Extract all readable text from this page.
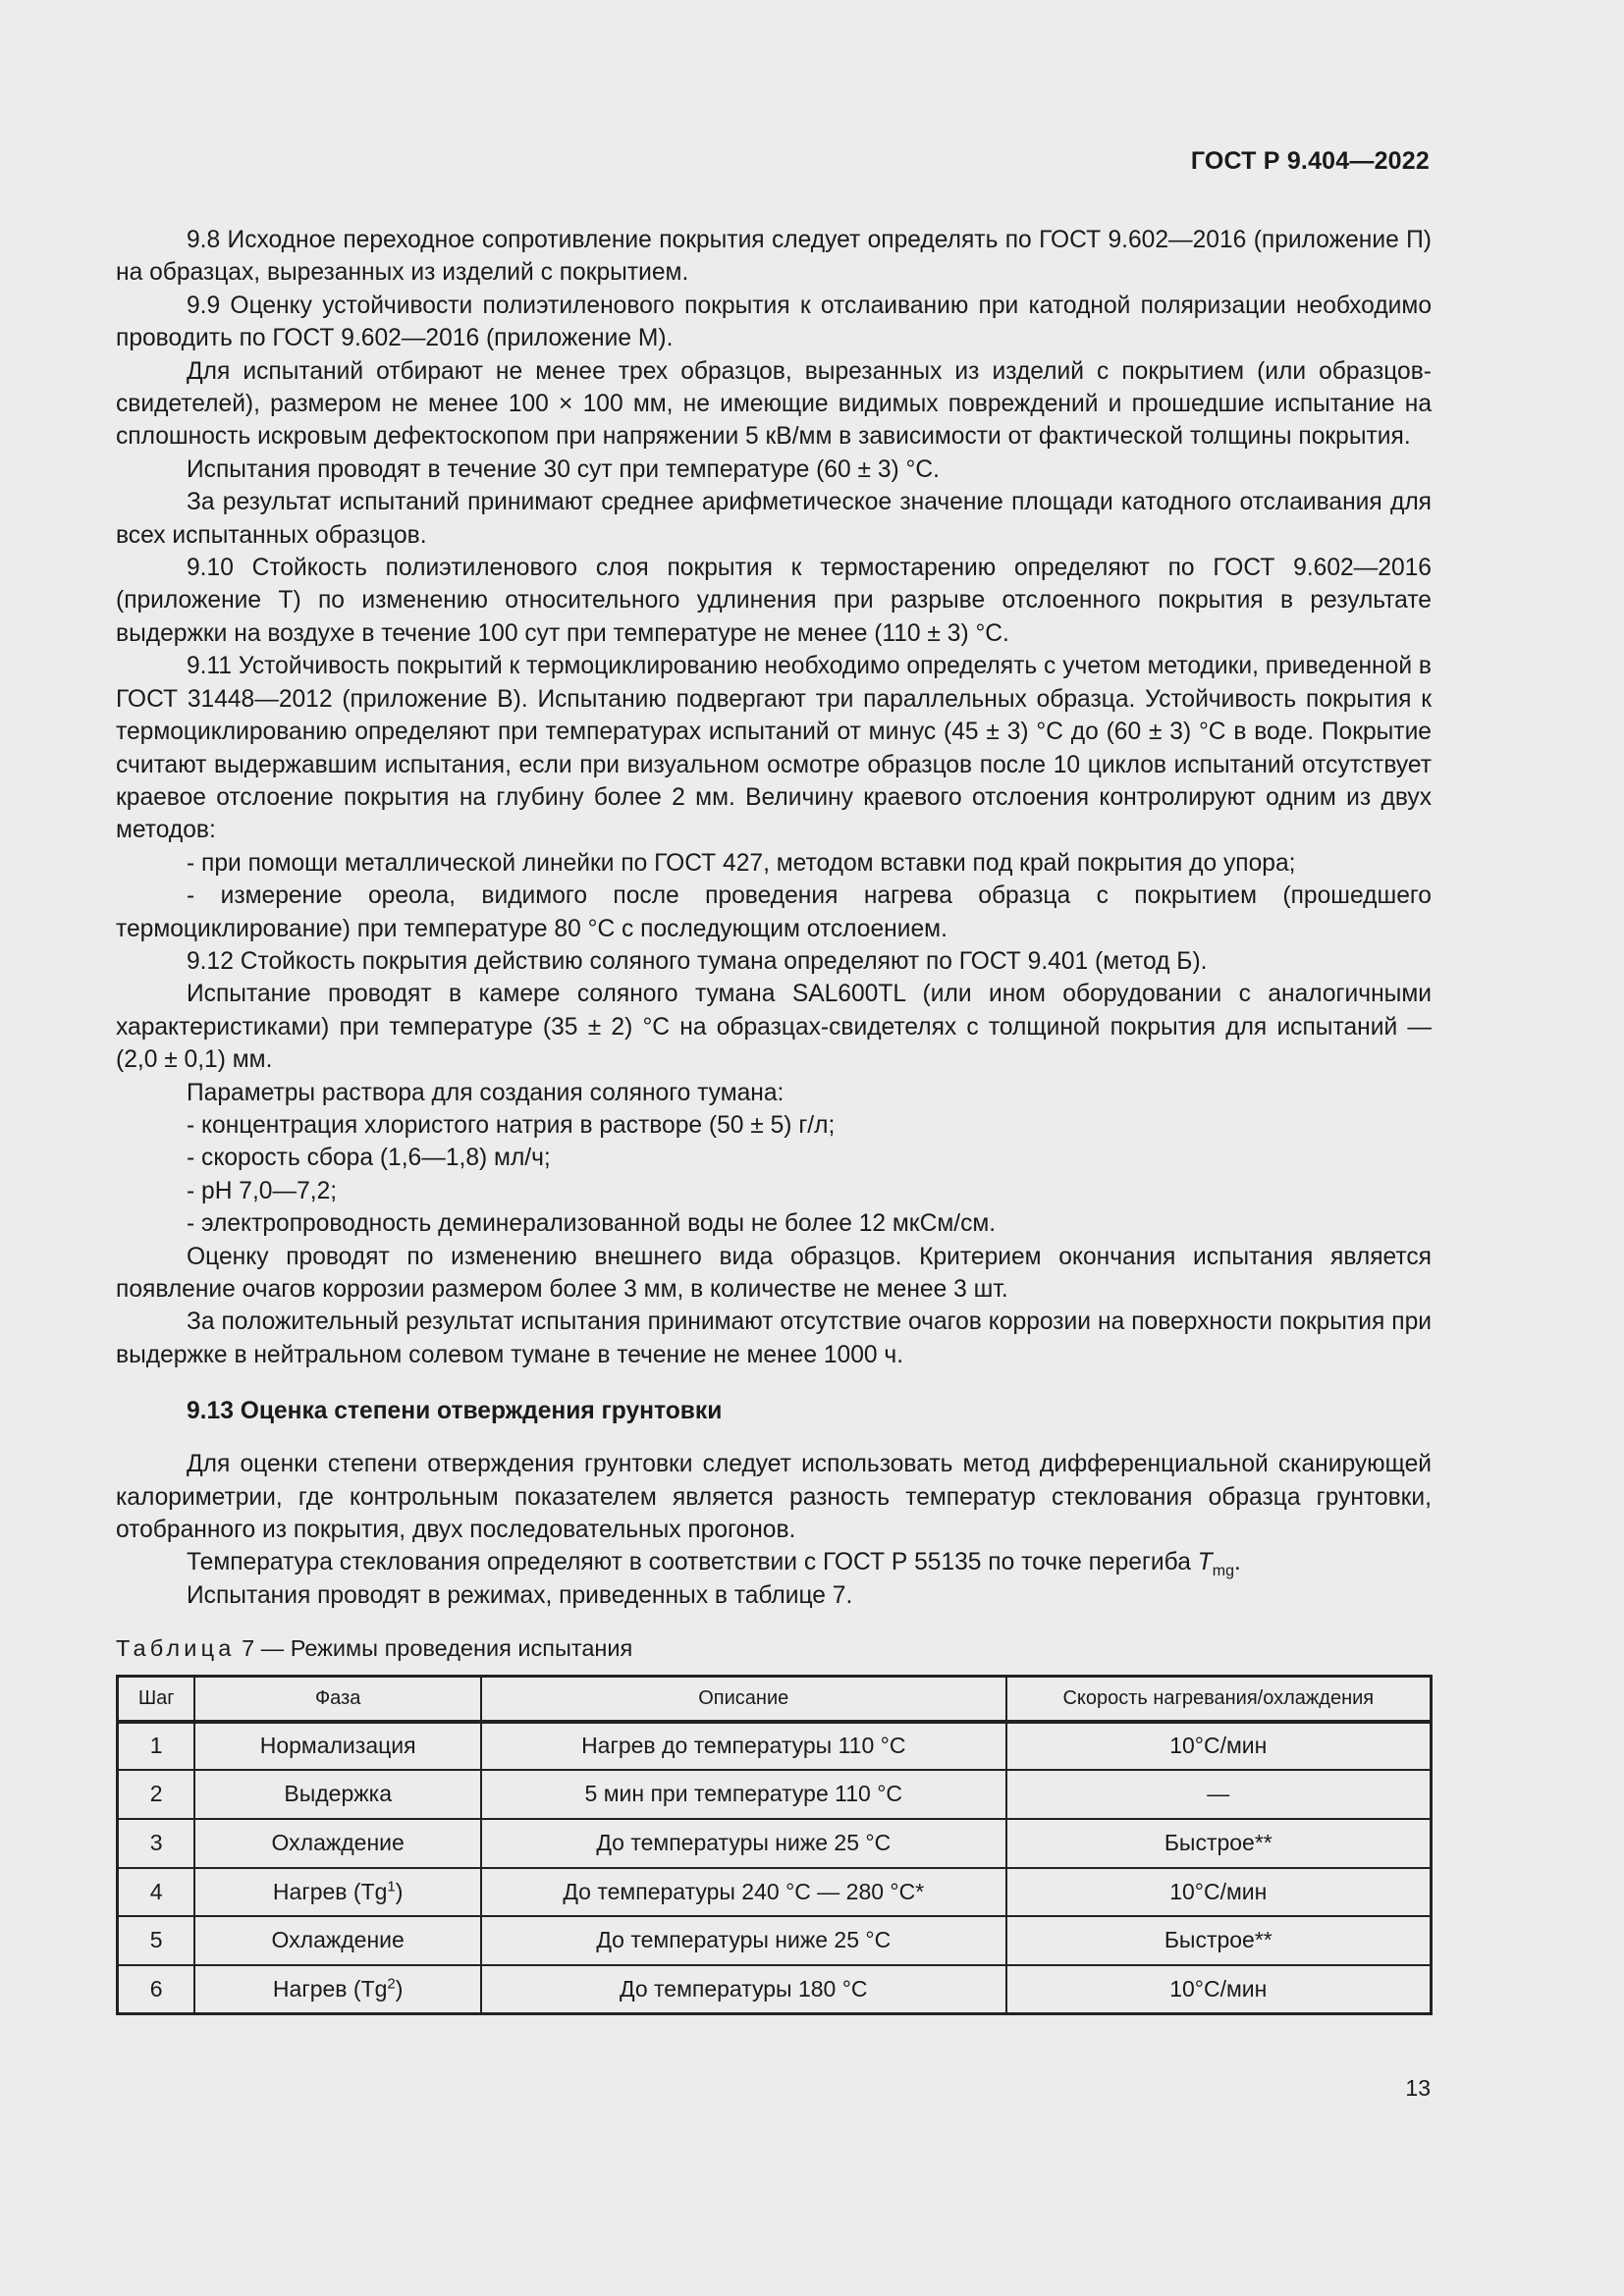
ГОСТ Р 9.404—2022

9.8 Исходное переходное сопротивление покрытия следует определять по ГОСТ 9.602—2016 (приложение П) на образцах, вырезанных из изделий с покрытием.

9.9 Оценку устойчивости полиэтиленового покрытия к отслаиванию при катодной поляризации необходимо проводить по ГОСТ 9.602—2016 (приложение М).

Для испытаний отбирают не менее трех образцов, вырезанных из изделий с покрытием (или образцов-свидетелей), размером не менее 100 × 100 мм, не имеющие видимых повреждений и прошедшие испытание на сплошность искровым дефектоскопом при напряжении 5 кВ/мм в зависимости от фактической толщины покрытия.

Испытания проводят в течение 30 сут при температуре (60 ± 3) °С.

За результат испытаний принимают среднее арифметическое значение площади катодного отслаивания для всех испытанных образцов.

9.10 Стойкость полиэтиленового слоя покрытия к термостарению определяют по ГОСТ 9.602—2016 (приложение Т) по изменению относительного удлинения при разрыве отслоенного покрытия в результате выдержки на воздухе в течение 100 сут при температуре не менее (110 ± 3) °С.

9.11 Устойчивость покрытий к термоциклированию необходимо определять с учетом методики, приведенной в ГОСТ 31448—2012 (приложение В). Испытанию подвергают три параллельных образца. Устойчивость покрытия к термоциклированию определяют при температурах испытаний от минус (45 ± 3) °С до (60 ± 3) °С в воде. Покрытие считают выдержавшим испытания, если при визуальном осмотре образцов после 10 циклов испытаний отсутствует краевое отслоение покрытия на глубину более 2 мм. Величину краевого отслоения контролируют одним из двух методов:

- при помощи металлической линейки по ГОСТ 427, методом вставки под край покрытия до упора;

- измерение ореола, видимого после проведения нагрева образца с покрытием (прошедшего термоциклирование) при температуре 80 °С с последующим отслоением.

9.12 Стойкость покрытия действию соляного тумана определяют по ГОСТ 9.401 (метод Б).

Испытание проводят в камере соляного тумана SAL600TL (или ином оборудовании с аналогичными характеристиками) при температуре (35 ± 2) °С на образцах-свидетелях с толщиной покрытия для испытаний — (2,0 ± 0,1) мм.

Параметры раствора для создания соляного тумана:

- концентрация хлористого натрия в растворе (50 ± 5) г/л;

- скорость сбора (1,6—1,8) мл/ч;

- pH 7,0—7,2;

- электропроводность деминерализованной воды не более 12 мкСм/см.

Оценку проводят по изменению внешнего вида образцов. Критерием окончания испытания является появление очагов коррозии размером более 3 мм, в количестве не менее 3 шт.

За положительный результат испытания принимают отсутствие очагов коррозии на поверхности покрытия при выдержке в нейтральном солевом тумане в течение не менее 1000 ч.

9.13 Оценка степени отверждения грунтовки

Для оценки степени отверждения грунтовки следует использовать метод дифференциальной сканирующей калориметрии, где контрольным показателем является разность температур стеклования образца грунтовки, отобранного из покрытия, двух последовательных прогонов.

Температура стеклования определяют в соответствии с ГОСТ Р 55135 по точке перегиба $T_{mg}$.

Испытания проводят в режимах, приведенных в таблице 7.

Таблица 7 — Режимы проведения испытания
Шаг	Фаза	Описание	Скорость нагревания/охлаждения
1	Нормализация	Нагрев до температуры 110 °С	10°С/мин
2	Выдержка	5 мин при температуре 110 °С	—
3	Охлаждение	До температуры ниже 25 °С	Быстрое**
4	Нагрев (Tg$^1$)	До температуры 240 °С — 280 °С*	10°С/мин
5	Охлаждение	До температуры ниже 25 °С	Быстрое**
6	Нагрев (Tg$^2$)	До температуры 180 °С	10°С/мин
13
